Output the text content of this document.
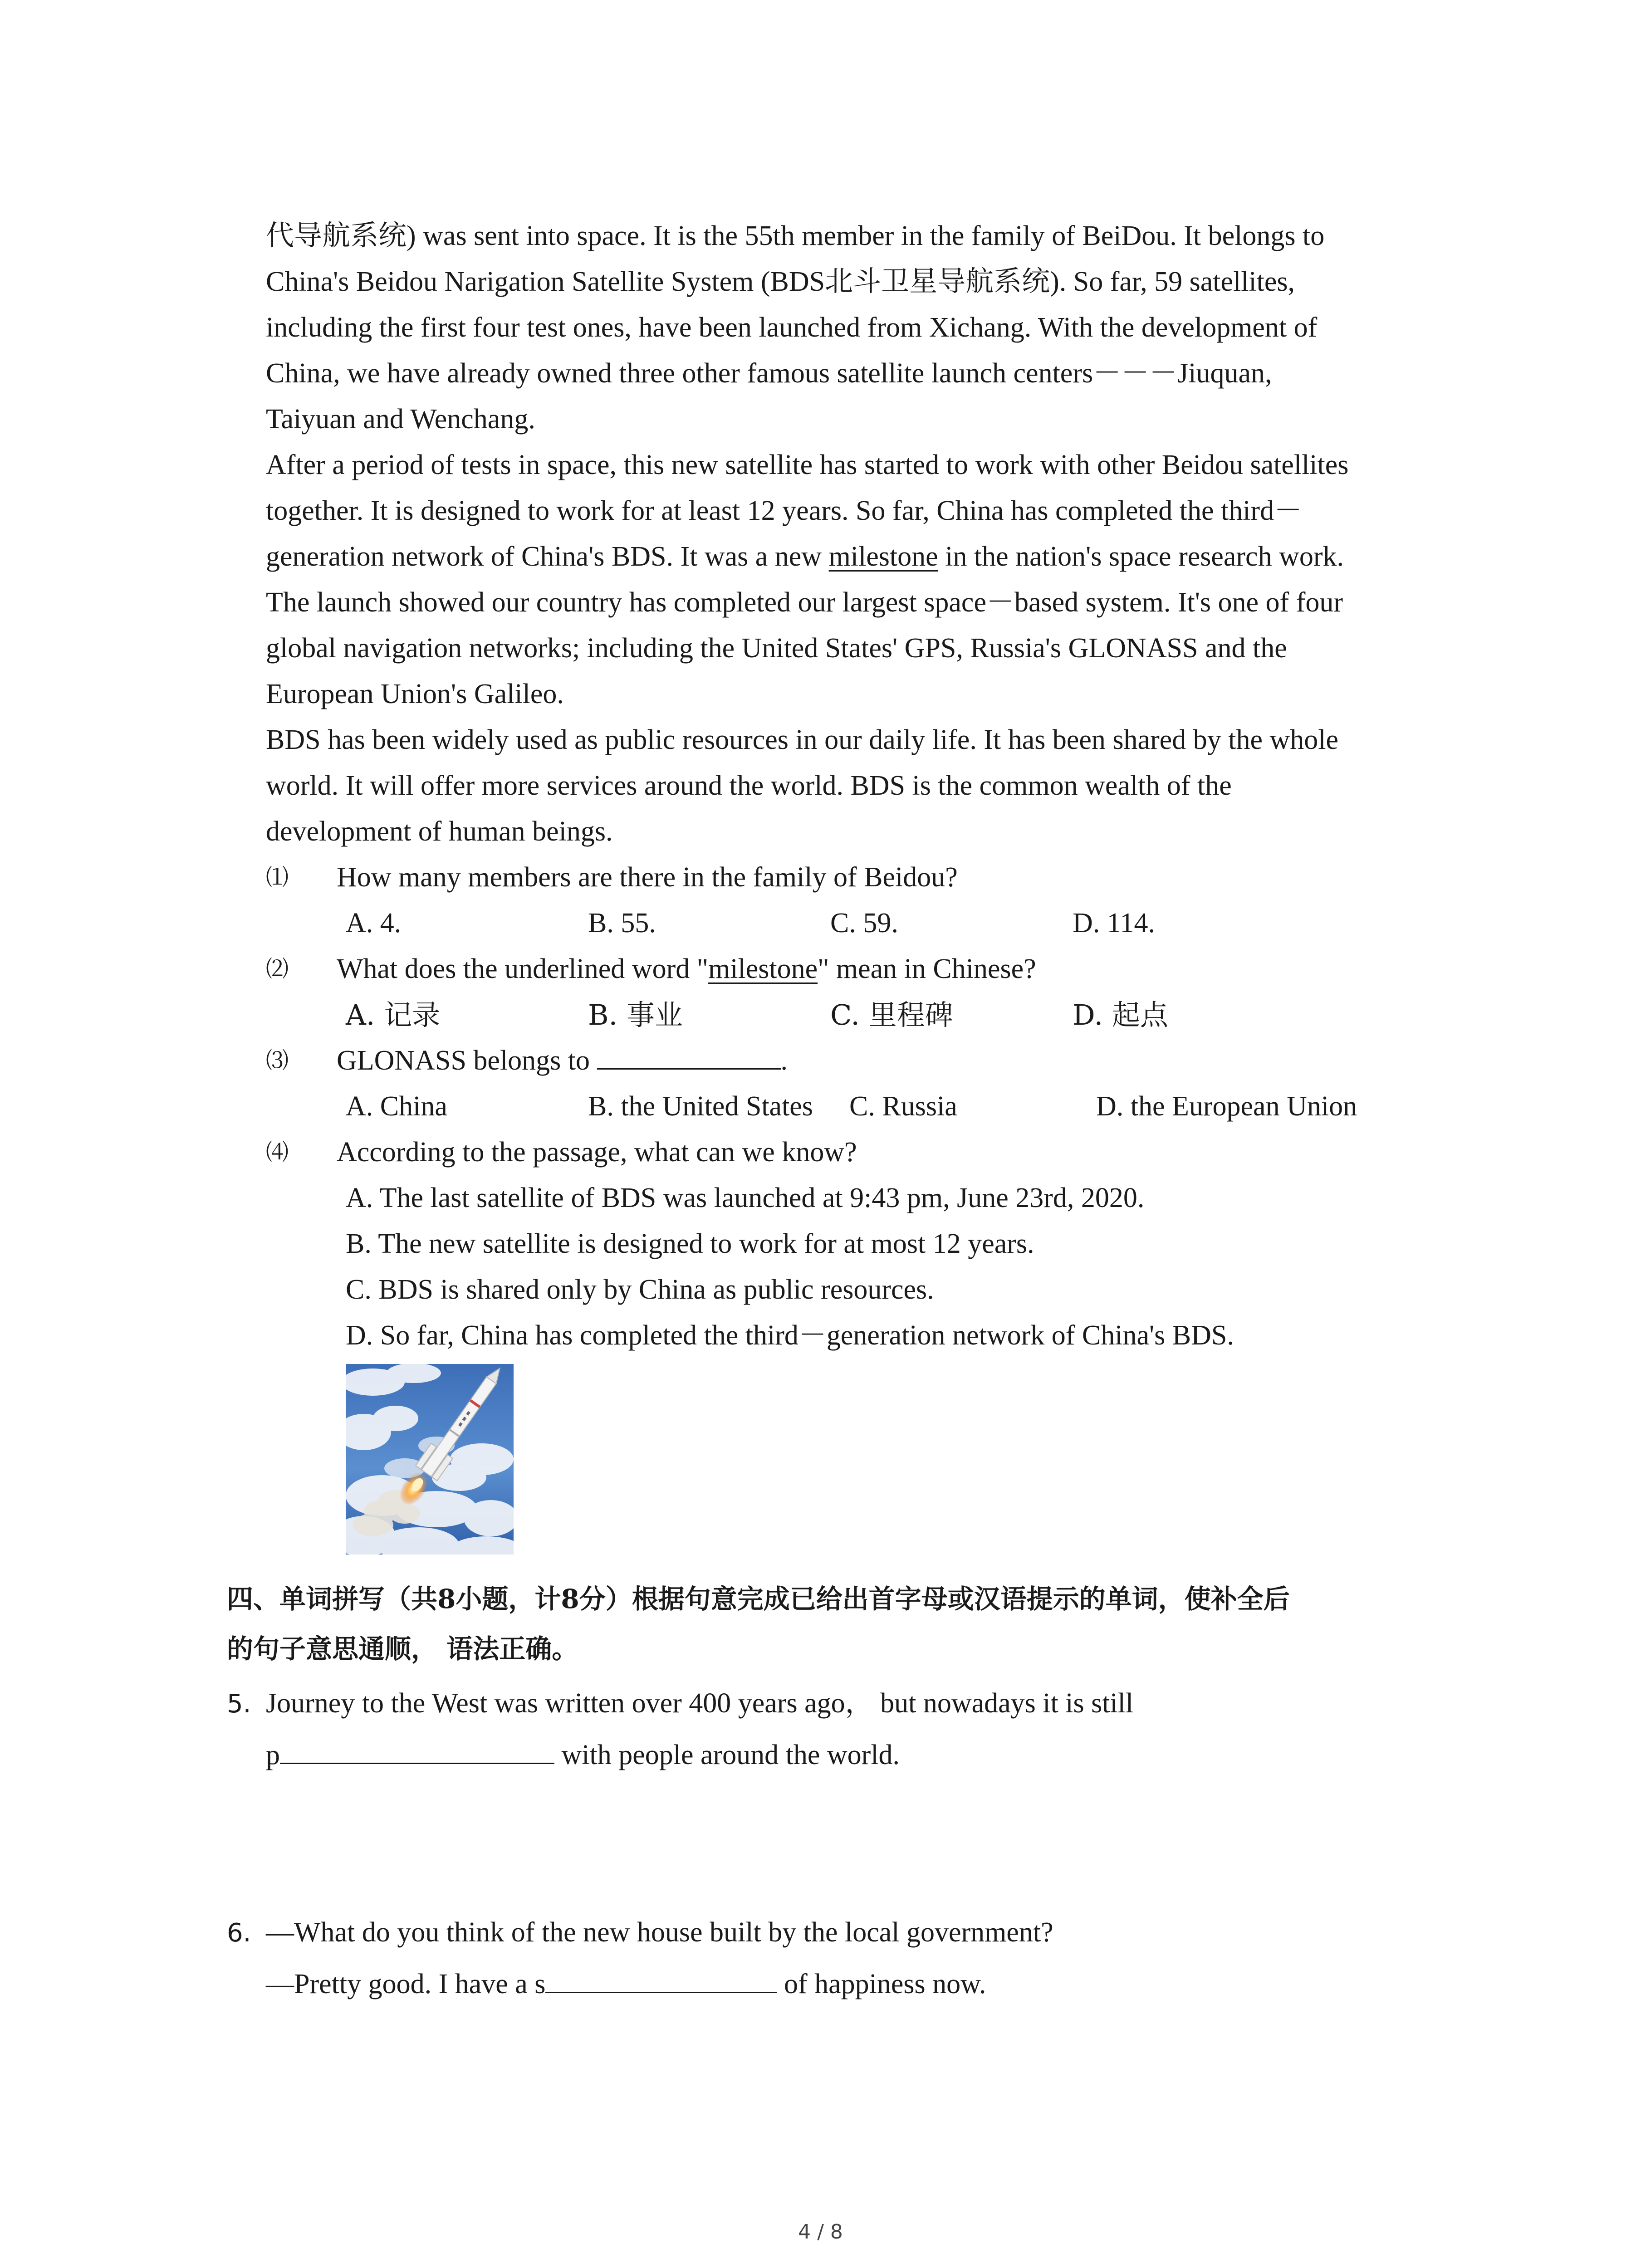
代导航系统) was sent into space. It is the 55th member in the family of BeiDou. It belongs to
China's Beidou Narigation Satellite System (BDS北斗卫星导航系统). So far, 59 satellites,
including the first four test ones, have been launched from Xichang. With the development of
China, we have already owned three other famous satellite launch centers－－－Jiuquan,
Taiyuan and Wenchang.
After a period of tests in space, this new satellite has started to work with other Beidou satellites
together. It is designed to work for at least 12 years. So far, China has completed the third－
generation network of China's BDS. It was a new milestone in the nation's space research work.
The launch showed our country has completed our largest space－based system. It's one of four
global navigation networks; including the United States' GPS, Russia's GLONASS and the
European Union's Galileo.
BDS has been widely used as public resources in our daily life. It has been shared by the whole
world. It will offer more services around the world. BDS is the common wealth of the
development of human beings.
⑴ How many members are there in the family of Beidou?
A. 4.	B. 55.	C. 59.	D. 114.
⑵ What does the underlined word "milestone" mean in Chinese?
A. 记录	B. 事业	C. 里程碑	D. 起点
⑶ GLONASS belongs to	.
A. China	B. the United States C. Russia	D. the European Union
⑷ According to the passage, what can we know?
A. The last satellite of BDS was launched at 9:43 pm, June 23rd, 2020.
B. The new satellite is designed to work for at most 12 years.
C. BDS is shared only by China as public resources.
D. So far, China has completed the third－generation network of China's BDS.
四、单词拼写（共8小题，计8分）根据句意完成已给出首字母或汉语提示的单词，使补全后
的句子意思通顺， 语法正确。
5. Journey to the West was written over 400 years ago， but nowadays it is still
p	with people around the world.
6. —What do you think of the new house built by the local government?
—Pretty good. I have a s	of happiness now.
4 / 8
